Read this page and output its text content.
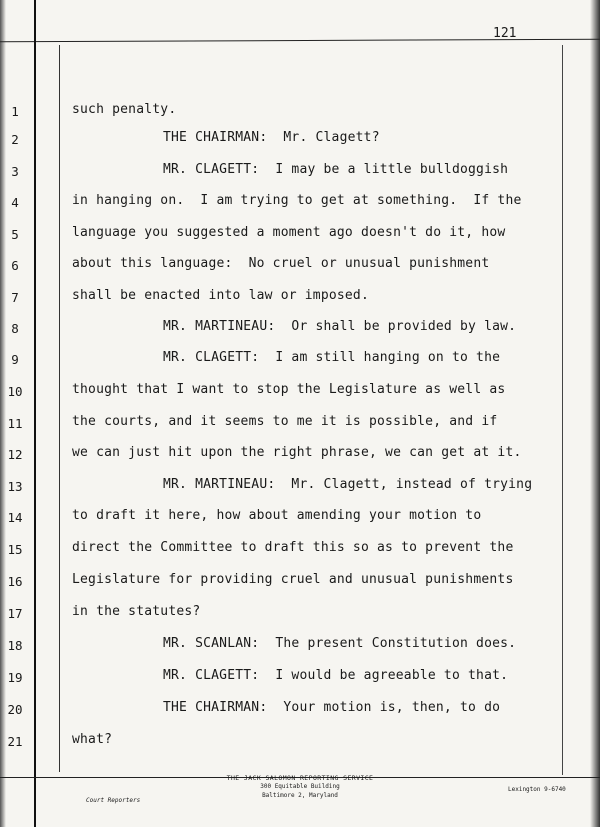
121
1	such penalty.
2	THE CHAIRMAN:  Mr. Clagett?
3	MR. CLAGETT:  I may be a little bulldoggish
4	in hanging on.  I am trying to get at something.  If the
5	language you suggested a moment ago doesn't do it, how
6	about this language:  No cruel or unusual punishment
7	shall be enacted into law or imposed.
8	MR. MARTINEAU:  Or shall be provided by law.
9	MR. CLAGETT:  I am still hanging on to the
10	thought that I want to stop the Legislature as well as
11	the courts, and it seems to me it is possible, and if
12	we can just hit upon the right phrase, we can get at it.
13	MR. MARTINEAU:  Mr. Clagett, instead of trying
14	to draft it here, how about amending your motion to
15	direct the Committee to draft this so as to prevent the
16	Legislature for providing cruel and unusual punishments
17	in the statutes?
18	MR. SCANLAN:  The present Constitution does.
19	MR. CLAGETT:  I would be agreeable to that.
20	THE CHAIRMAN:  Your motion is, then, to do
21	what?
THE JACK SALOMON REPORTING SERVICE
300 Equitable Building
Baltimore 2, Maryland
Court Reporters
Lexington 9-6740
